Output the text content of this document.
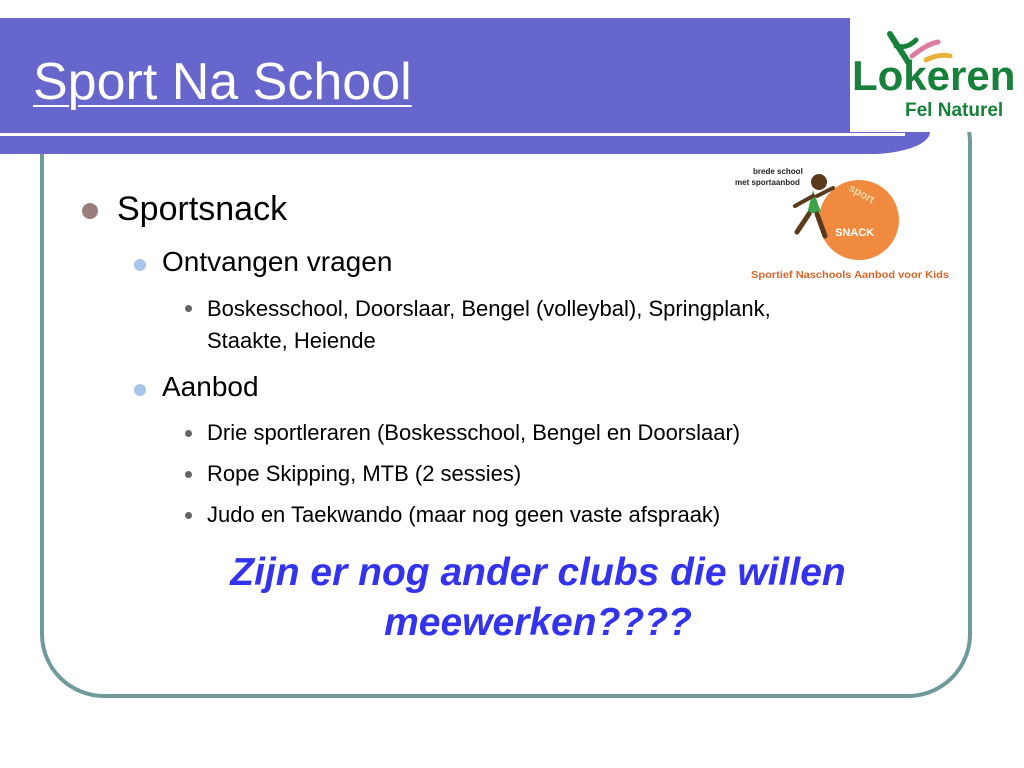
Sport Na School	Lokeren
Fel Naturel
brede school
met sportaanbod	sport
SNACK
Sportief Naschools Aanbod voor Kids
Sportsnack
Ontvangen vragen
Boskesschool, Doorslaar, Bengel (volleybal), Springplank,
Staakte, Heiende
Aanbod
Drie sportleraren (Boskesschool, Bengel en Doorslaar)
Rope Skipping, MTB (2 sessies)
Judo en Taekwando (maar nog geen vaste afspraak)

Zijn er nog ander clubs die willen
meewerken????
